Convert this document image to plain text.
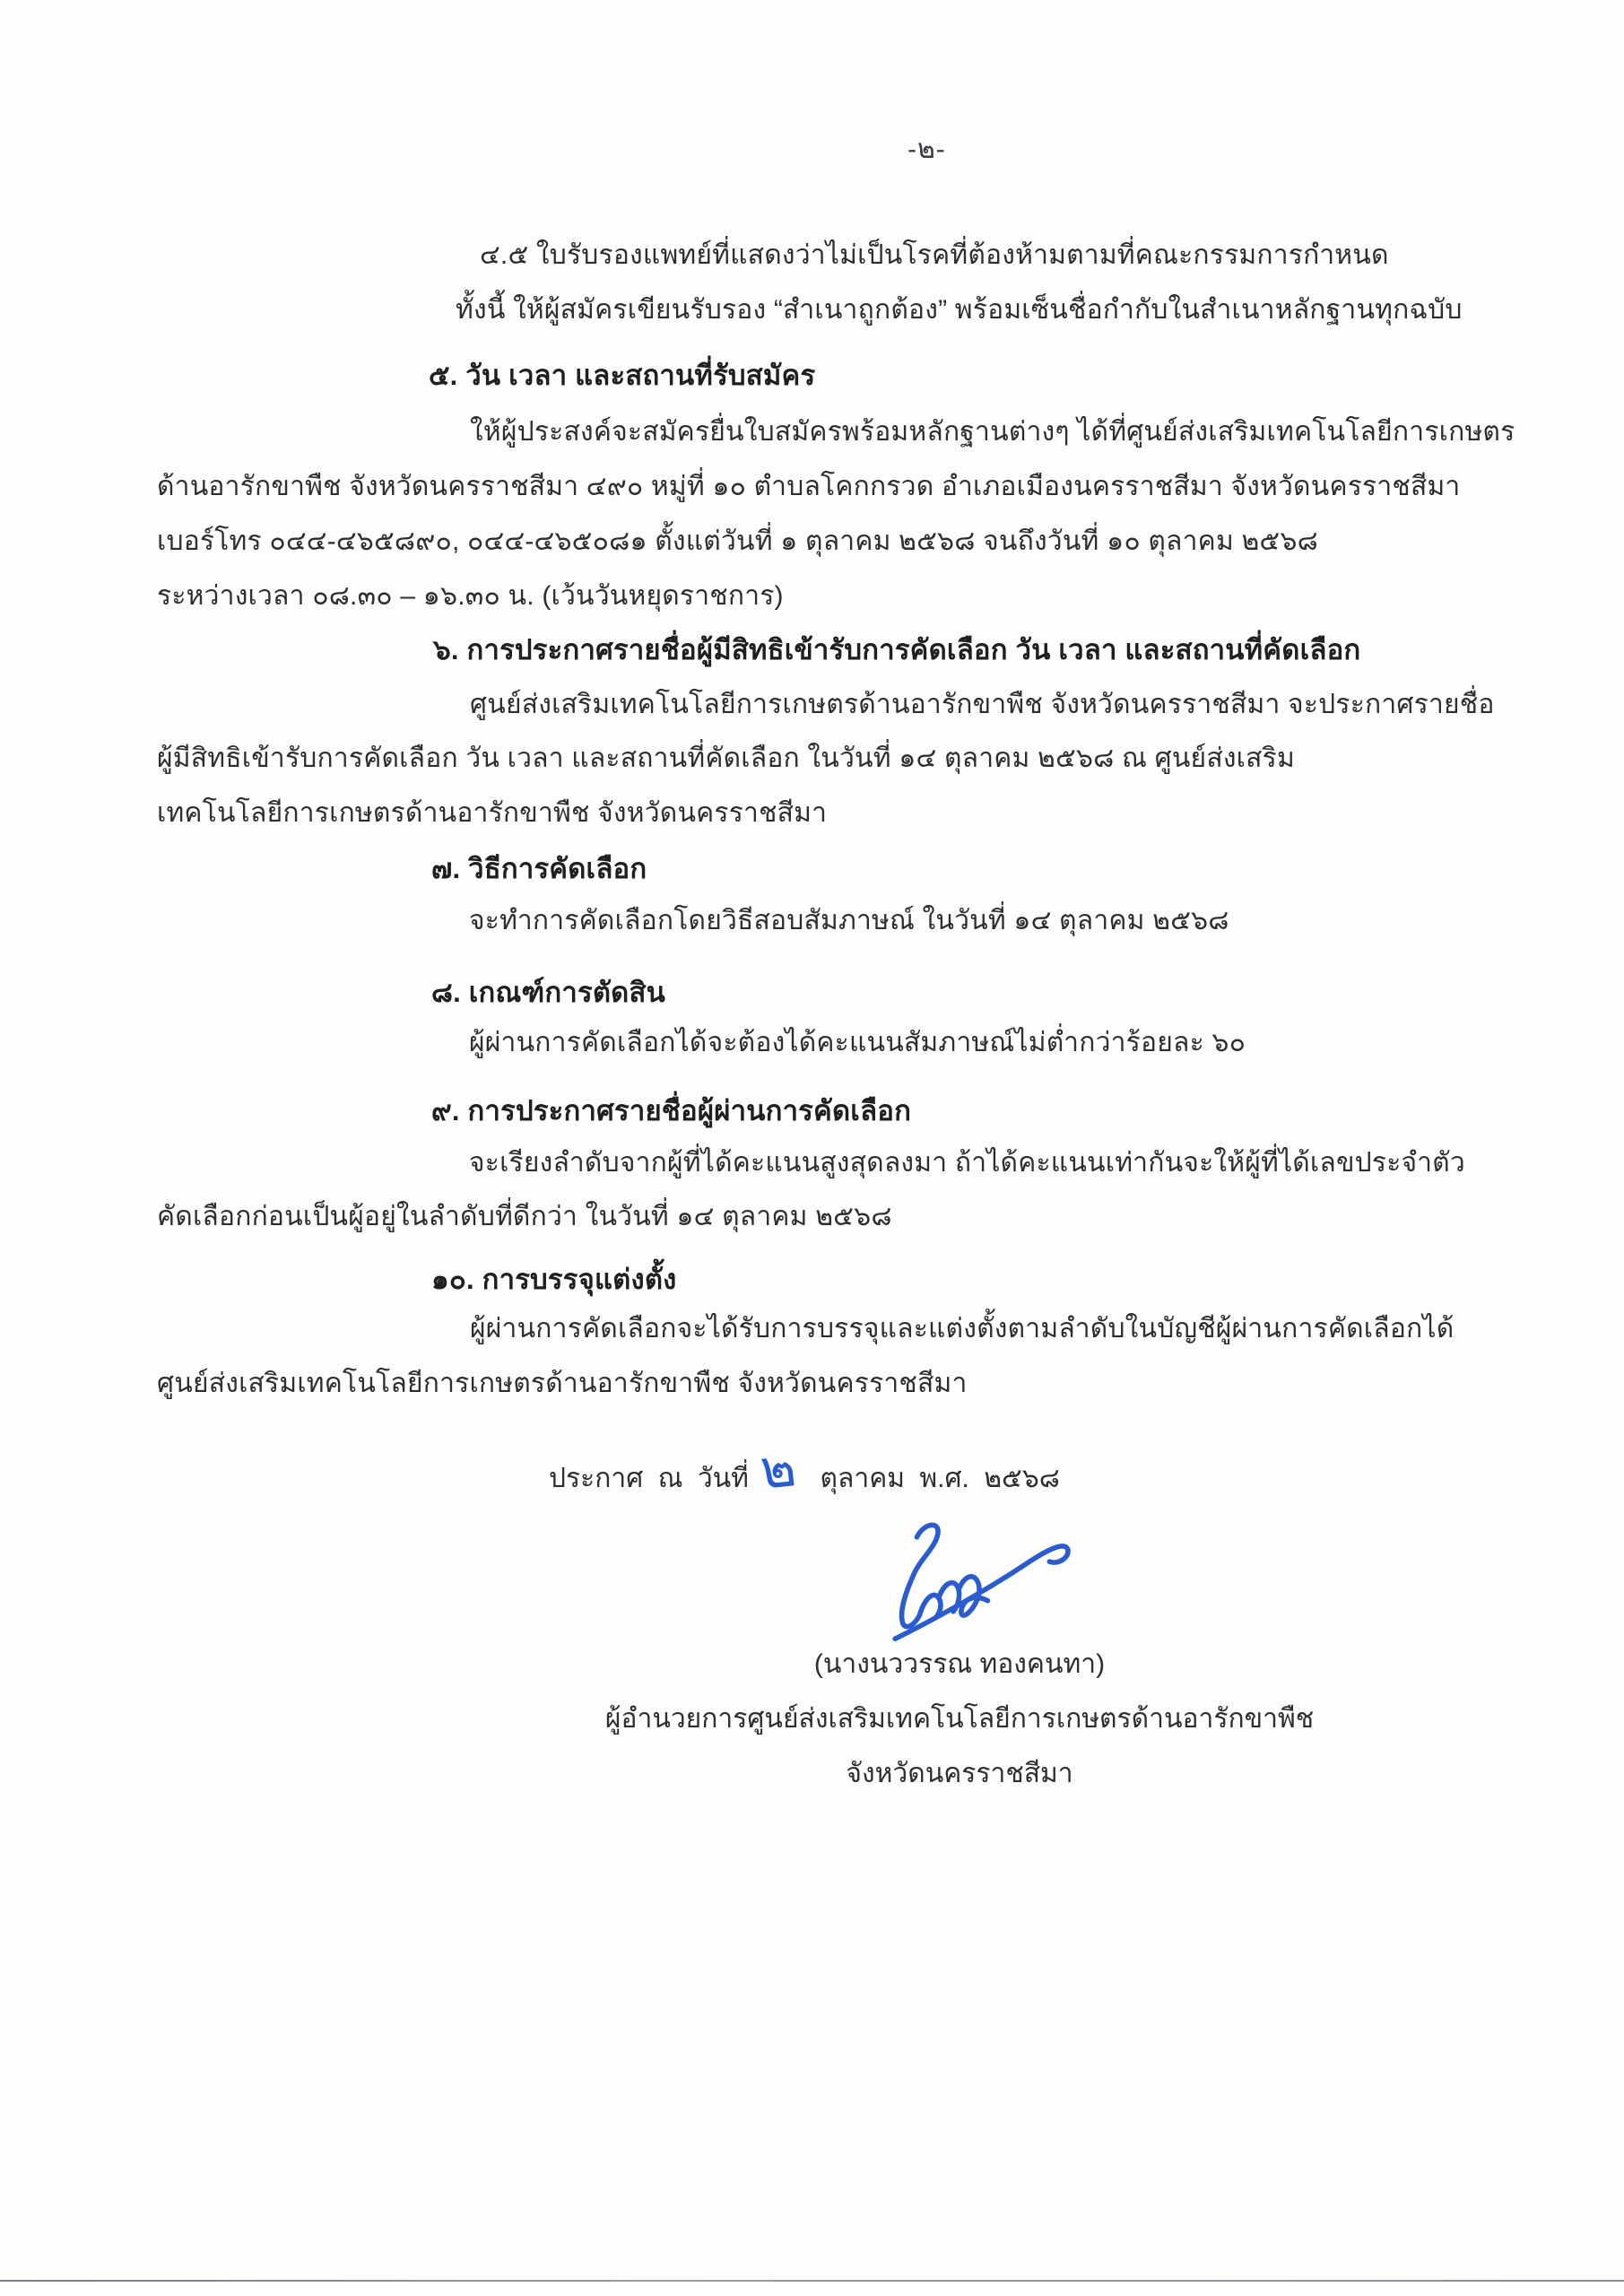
-๒-
๔.๕ ใบรับรองแพทย์ที่แสดงว่าไม่เป็นโรคที่ต้องห้ามตามที่คณะกรรมการกำหนด
ทั้งนี้ ให้ผู้สมัครเขียนรับรอง “สำเนาถูกต้อง” พร้อมเซ็นชื่อกำกับในสำเนาหลักฐานทุกฉบับ
๕. วัน เวลา และสถานที่รับสมัคร
ให้ผู้ประสงค์จะสมัครยื่นใบสมัครพร้อมหลักฐานต่างๆ ได้ที่ศูนย์ส่งเสริมเทคโนโลยีการเกษตร
ด้านอารักขาพืช จังหวัดนครราชสีมา ๔๙๐ หมู่ที่ ๑๐ ตำบลโคกกรวด อำเภอเมืองนครราชสีมา จังหวัดนครราชสีมา
เบอร์โทร ๐๔๔-๔๖๕๘๙๐, ๐๔๔-๔๖๕๐๘๑ ตั้งแต่วันที่ ๑ ตุลาคม ๒๕๖๘ จนถึงวันที่ ๑๐ ตุลาคม ๒๕๖๘
ระหว่างเวลา ๐๘.๓๐ – ๑๖.๓๐ น. (เว้นวันหยุดราชการ)
๖. การประกาศรายชื่อผู้มีสิทธิเข้ารับการคัดเลือก วัน เวลา และสถานที่คัดเลือก
ศูนย์ส่งเสริมเทคโนโลยีการเกษตรด้านอารักขาพืช จังหวัดนครราชสีมา จะประกาศรายชื่อ
ผู้มีสิทธิเข้ารับการคัดเลือก วัน เวลา และสถานที่คัดเลือก ในวันที่ ๑๔ ตุลาคม ๒๕๖๘ ณ ศูนย์ส่งเสริม
เทคโนโลยีการเกษตรด้านอารักขาพืช จังหวัดนครราชสีมา
๗. วิธีการคัดเลือก
จะทำการคัดเลือกโดยวิธีสอบสัมภาษณ์ ในวันที่ ๑๔ ตุลาคม ๒๕๖๘
๘. เกณฑ์การตัดสิน
ผู้ผ่านการคัดเลือกได้จะต้องได้คะแนนสัมภาษณ์ไม่ต่ำกว่าร้อยละ ๖๐
๙. การประกาศรายชื่อผู้ผ่านการคัดเลือก
จะเรียงลำดับจากผู้ที่ได้คะแนนสูงสุดลงมา ถ้าได้คะแนนเท่ากันจะให้ผู้ที่ได้เลขประจำตัว
คัดเลือกก่อนเป็นผู้อยู่ในลำดับที่ดีกว่า ในวันที่ ๑๔ ตุลาคม ๒๕๖๘
๑๐. การบรรจุแต่งตั้ง
ผู้ผ่านการคัดเลือกจะได้รับการบรรจุและแต่งตั้งตามลำดับในบัญชีผู้ผ่านการคัดเลือกได้
ศูนย์ส่งเสริมเทคโนโลยีการเกษตรด้านอารักขาพืช จังหวัดนครราชสีมา
ประกาศ ณ วันที่ ๒ ตุลาคม พ.ศ. ๒๕๖๘
(นางนววรรณ ทองคนทา)
ผู้อำนวยการศูนย์ส่งเสริมเทคโนโลยีการเกษตรด้านอารักขาพืช
จังหวัดนครราชสีมา
